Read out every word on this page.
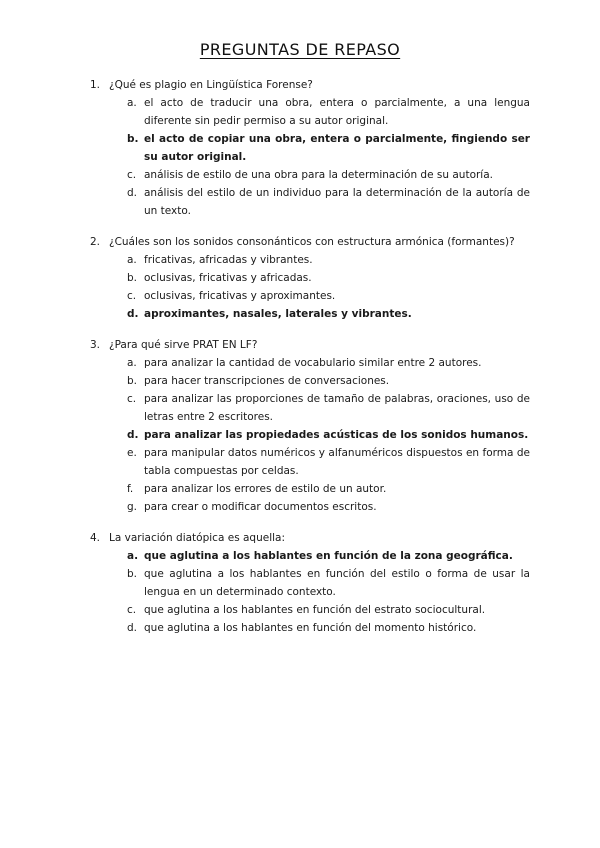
PREGUNTAS DE REPASO
1. ¿Qué es plagio en Lingüística Forense?
a. el acto de traducir una obra, entera o parcialmente, a una lengua diferente sin pedir permiso a su autor original.
b. el acto de copiar una obra, entera o parcialmente, fingiendo ser su autor original.
c. análisis de estilo de una obra para la determinación de su autoría.
d. análisis del estilo de un individuo para la determinación de la autoría de un texto.
2. ¿Cuáles son los sonidos consonánticos con estructura armónica (formantes)?
a. fricativas, africadas y vibrantes.
b. oclusivas, fricativas y africadas.
c. oclusivas, fricativas y aproximantes.
d. aproximantes, nasales, laterales y vibrantes.
3. ¿Para qué sirve PRAT EN LF?
a. para analizar la cantidad de vocabulario similar entre 2 autores.
b. para hacer transcripciones de conversaciones.
c. para analizar las proporciones de tamaño de palabras, oraciones, uso de letras entre 2 escritores.
d. para analizar las propiedades acústicas de los sonidos humanos.
e. para manipular datos numéricos y alfanuméricos dispuestos en forma de tabla compuestas por celdas.
f. para analizar los errores de estilo de un autor.
g. para crear o modificar documentos escritos.
4. La variación diatópica es aquella:
a. que aglutina a los hablantes en función de la zona geográfica.
b. que aglutina a los hablantes en función del estilo o forma de usar la lengua en un determinado contexto.
c. que aglutina a los hablantes en función del estrato sociocultural.
d. que aglutina a los hablantes en función del momento histórico.
